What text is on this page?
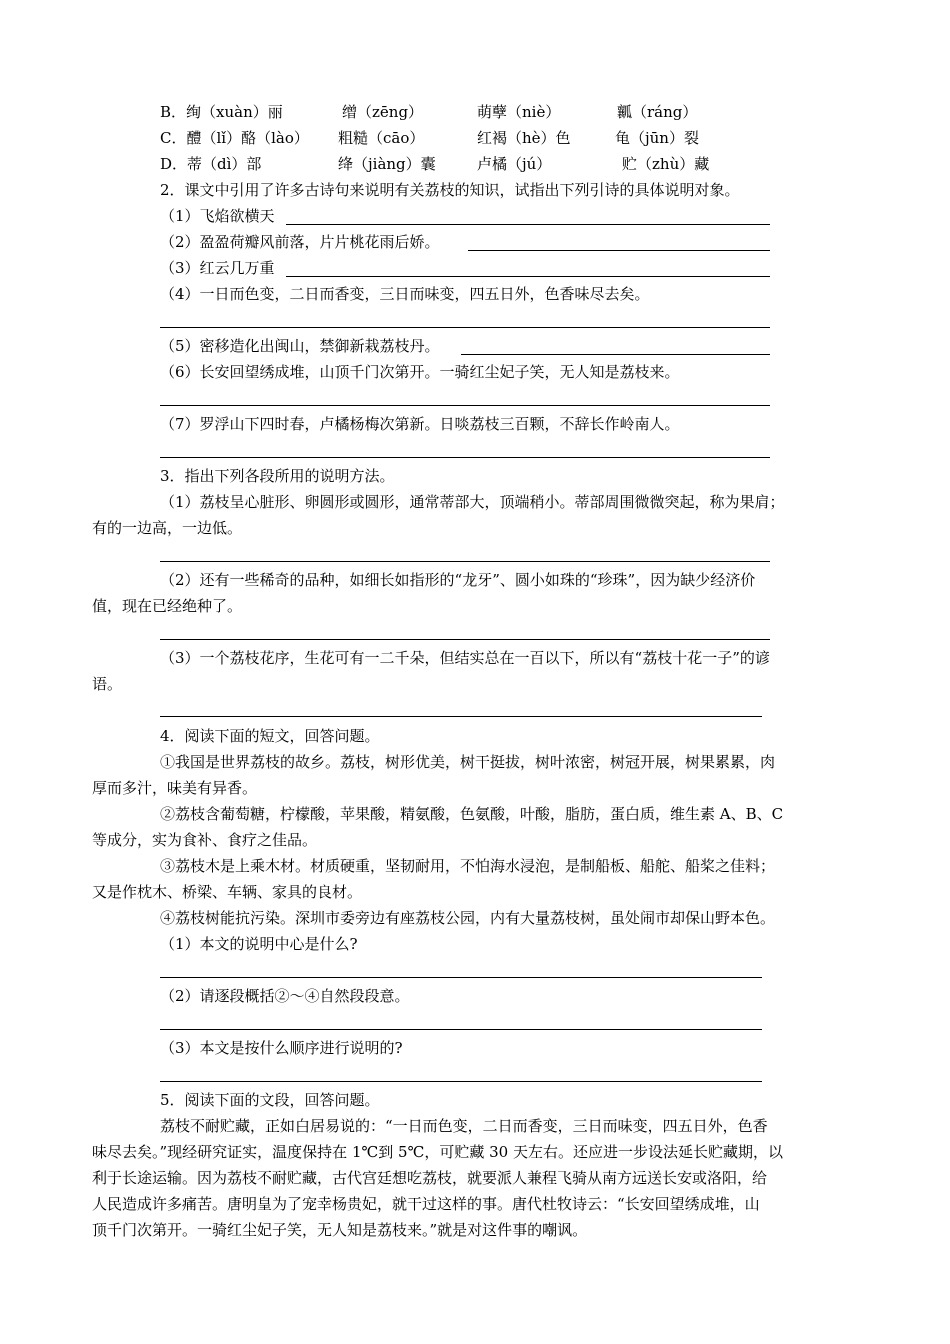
B．绚（xuàn）丽	缯（zēng）	萌孽（niè）	瓤（ráng）
C．醴（lǐ）酪（lào） 粗糙（cāo）	红褐（hè）色	龟（jūn）裂
D．蒂（dì）部	绛（jiàng）囊	卢橘（jú）	贮（zhù）藏
2．课文中引用了许多古诗句来说明有关荔枝的知识，试指出下列引诗的具体说明对象。
（1）飞焰欲横天
（2）盈盈荷瓣风前落，片片桃花雨后娇。
（3）红云几万重
（4）一日而色变，二日而香变，三日而味变，四五日外，色香味尽去矣。
（5）密移造化出闽山，禁御新栽荔枝丹。
（6）长安回望绣成堆，山顶千门次第开。一骑红尘妃子笑，无人知是荔枝来。
（7）罗浮山下四时春，卢橘杨梅次第新。日啖荔枝三百颗，不辞长作岭南人。
3．指出下列各段所用的说明方法。
（1）荔枝呈心脏形、卵圆形或圆形，通常蒂部大，顶端稍小。蒂部周围微微突起，称为果肩；
有的一边高，一边低。
（2）还有一些稀奇的品种，如细长如指形的“龙牙”、圆小如珠的“珍珠”，因为缺少经济价
值，现在已经绝种了。
（3）一个荔枝花序，生花可有一二千朵，但结实总在一百以下，所以有“荔枝十花一子”的谚
语。
4．阅读下面的短文，回答问题。
①我国是世界荔枝的故乡。荔枝，树形优美，树干挺拔，树叶浓密，树冠开展，树果累累，肉
厚而多汁，味美有异香。
②荔枝含葡萄糖，柠檬酸，苹果酸，精氨酸，色氨酸，叶酸，脂肪，蛋白质，维生素 A、B、C
等成分，实为食补、食疗之佳品。
③荔枝木是上乘木材。材质硬重，坚韧耐用，不怕海水浸泡，是制船板、船舵、船桨之佳料；
又是作枕木、桥梁、车辆、家具的良材。
④荔枝树能抗污染。深圳市委旁边有座荔枝公园，内有大量荔枝树，虽处闹市却保山野本色。
（1）本文的说明中心是什么?
（2）请逐段概括②～④自然段段意。
（3）本文是按什么顺序进行说明的?
5．阅读下面的文段，回答问题。
荔枝不耐贮藏，正如白居易说的：“一日而色变，二日而香变，三日而味变，四五日外，色香
味尽去矣。”现经研究证实，温度保持在 1℃到 5℃，可贮藏 30 天左右。还应进一步设法延长贮藏期，以
利于长途运输。因为荔枝不耐贮藏，古代宫廷想吃荔枝，就要派人兼程飞骑从南方远送长安或洛阳，给
人民造成许多痛苦。唐明皇为了宠幸杨贵妃，就干过这样的事。唐代杜牧诗云：“长安回望绣成堆，山
顶千门次第开。一骑红尘妃子笑，无人知是荔枝来。”就是对这件事的嘲讽。
